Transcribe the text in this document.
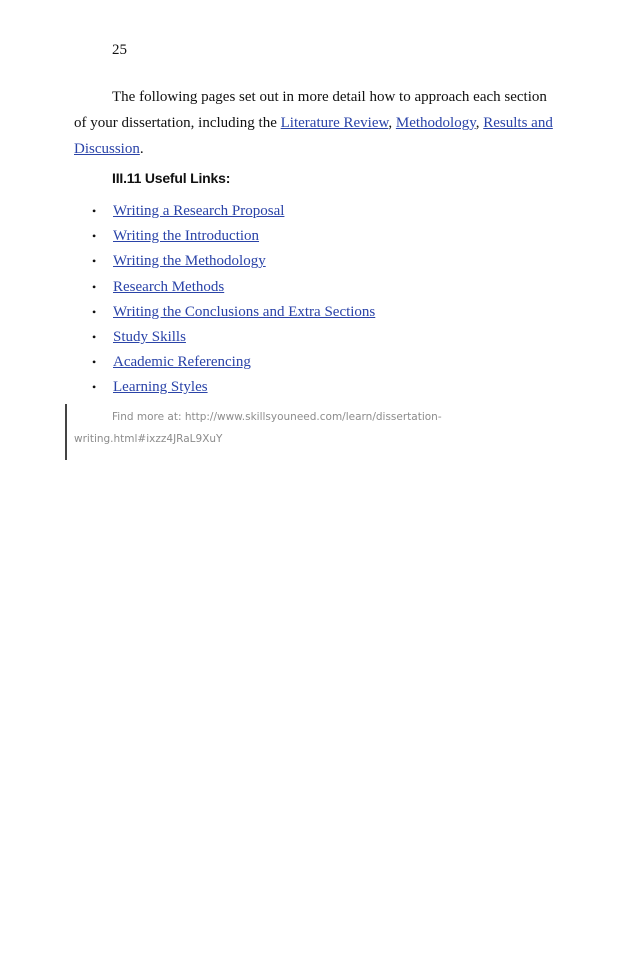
25

The following pages set out in more detail how to approach each section of your dissertation, including the Literature Review, Methodology, Results and Discussion.

III.11 Useful Links:
• Writing a Research Proposal
• Writing the Introduction
• Writing the Methodology
• Research Methods
• Writing the Conclusions and Extra Sections
• Study Skills
• Academic Referencing
• Learning Styles

Find more at: http://www.skillsyouneed.com/learn/dissertation-writing.html#ixzz4JRaL9XuY
